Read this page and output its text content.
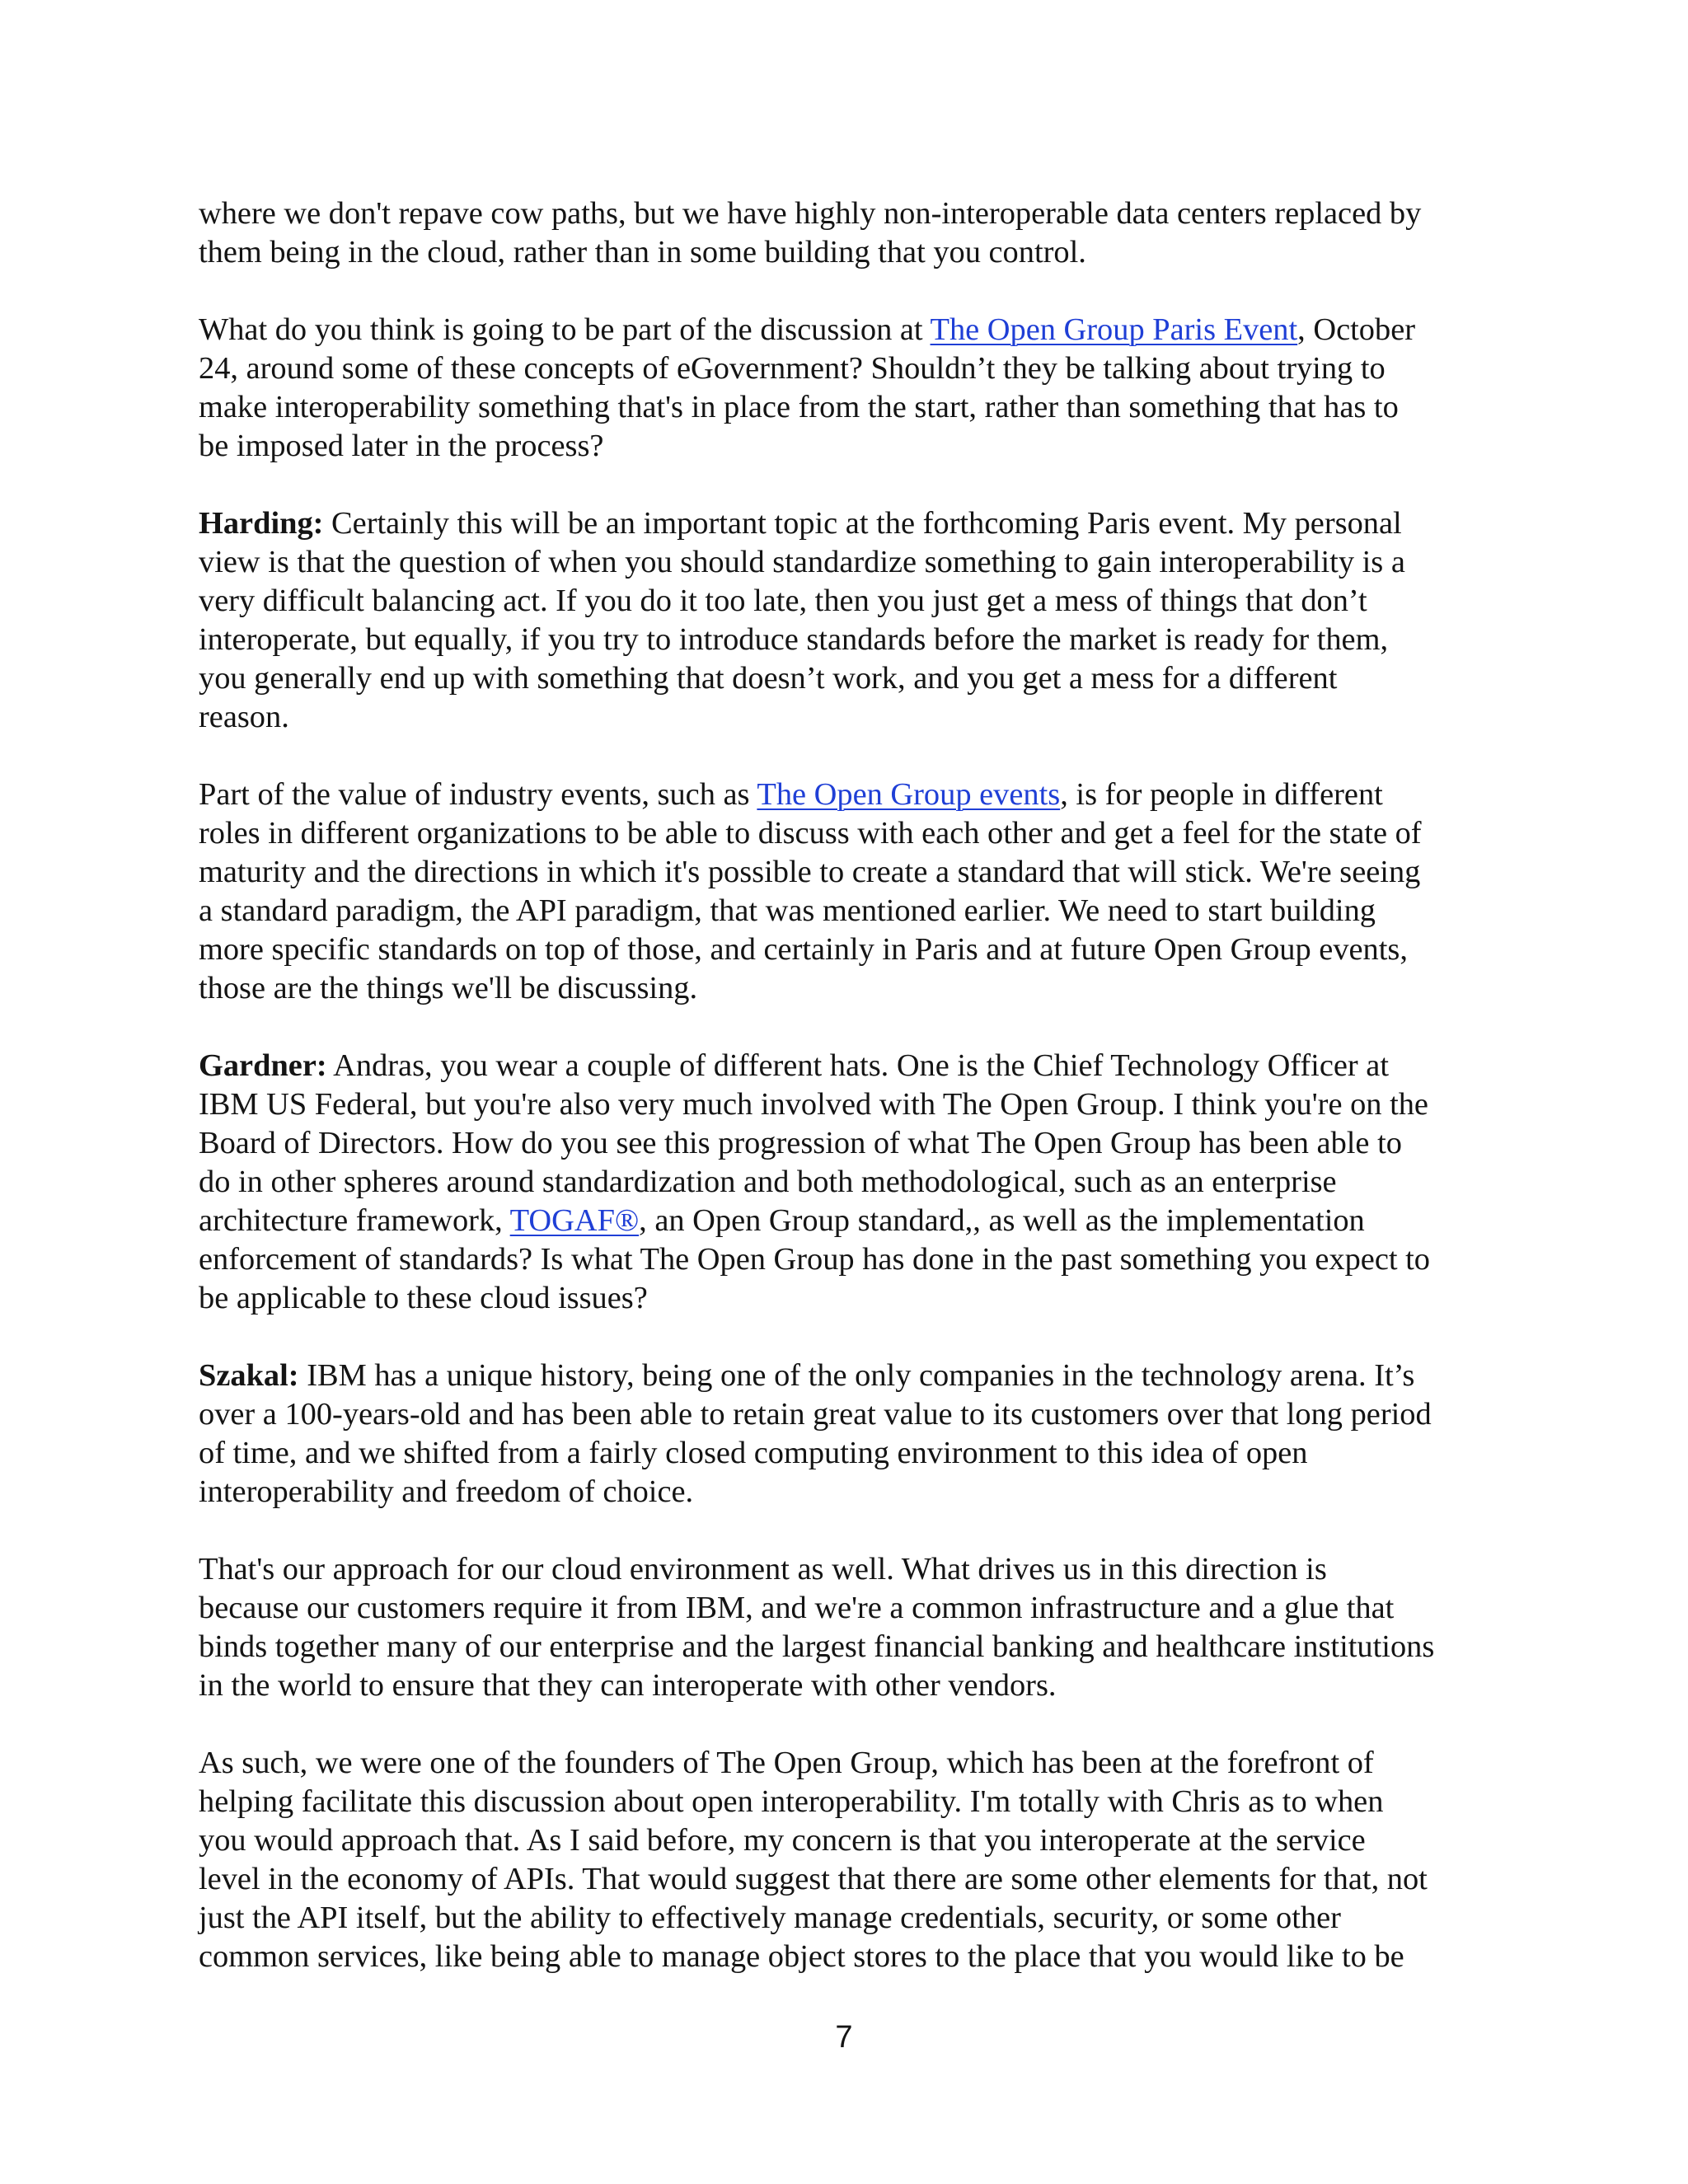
where we don't repave cow paths, but we have highly non-interoperable data centers replaced by
them being in the cloud, rather than in some building that you control.

What do you think is going to be part of the discussion at The Open Group Paris Event, October
24, around some of these concepts of eGovernment? Shouldn’t they be talking about trying to
make interoperability something that's in place from the start, rather than something that has to
be imposed later in the process?

Harding: Certainly this will be an important topic at the forthcoming Paris event. My personal
view is that the question of when you should standardize something to gain interoperability is a
very difficult balancing act. If you do it too late, then you just get a mess of things that don’t
interoperate, but equally, if you try to introduce standards before the market is ready for them,
you generally end up with something that doesn’t work, and you get a mess for a different
reason.

Part of the value of industry events, such as The Open Group events, is for people in different
roles in different organizations to be able to discuss with each other and get a feel for the state of
maturity and the directions in which it's possible to create a standard that will stick. We're seeing
a standard paradigm, the API paradigm, that was mentioned earlier. We need to start building
more specific standards on top of those, and certainly in Paris and at future Open Group events,
those are the things we'll be discussing.

Gardner: Andras, you wear a couple of different hats. One is the Chief Technology Officer at
IBM US Federal, but you're also very much involved with The Open Group. I think you're on the
Board of Directors. How do you see this progression of what The Open Group has been able to
do in other spheres around standardization and both methodological, such as an enterprise
architecture framework, TOGAF®, an Open Group standard,, as well as the implementation
enforcement of standards? Is what The Open Group has done in the past something you expect to
be applicable to these cloud issues?

Szakal: IBM has a unique history, being one of the only companies in the technology arena. It’s
over a 100-years-old and has been able to retain great value to its customers over that long period
of time, and we shifted from a fairly closed computing environment to this idea of open
interoperability and freedom of choice.

That's our approach for our cloud environment as well. What drives us in this direction is
because our customers require it from IBM, and we're a common infrastructure and a glue that
binds together many of our enterprise and the largest financial banking and healthcare institutions
in the world to ensure that they can interoperate with other vendors.

As such, we were one of the founders of The Open Group, which has been at the forefront of
helping facilitate this discussion about open interoperability. I'm totally with Chris as to when
you would approach that. As I said before, my concern is that you interoperate at the service
level in the economy of APIs. That would suggest that there are some other elements for that, not
just the API itself, but the ability to effectively manage credentials, security, or some other
common services, like being able to manage object stores to the place that you would like to be

7
